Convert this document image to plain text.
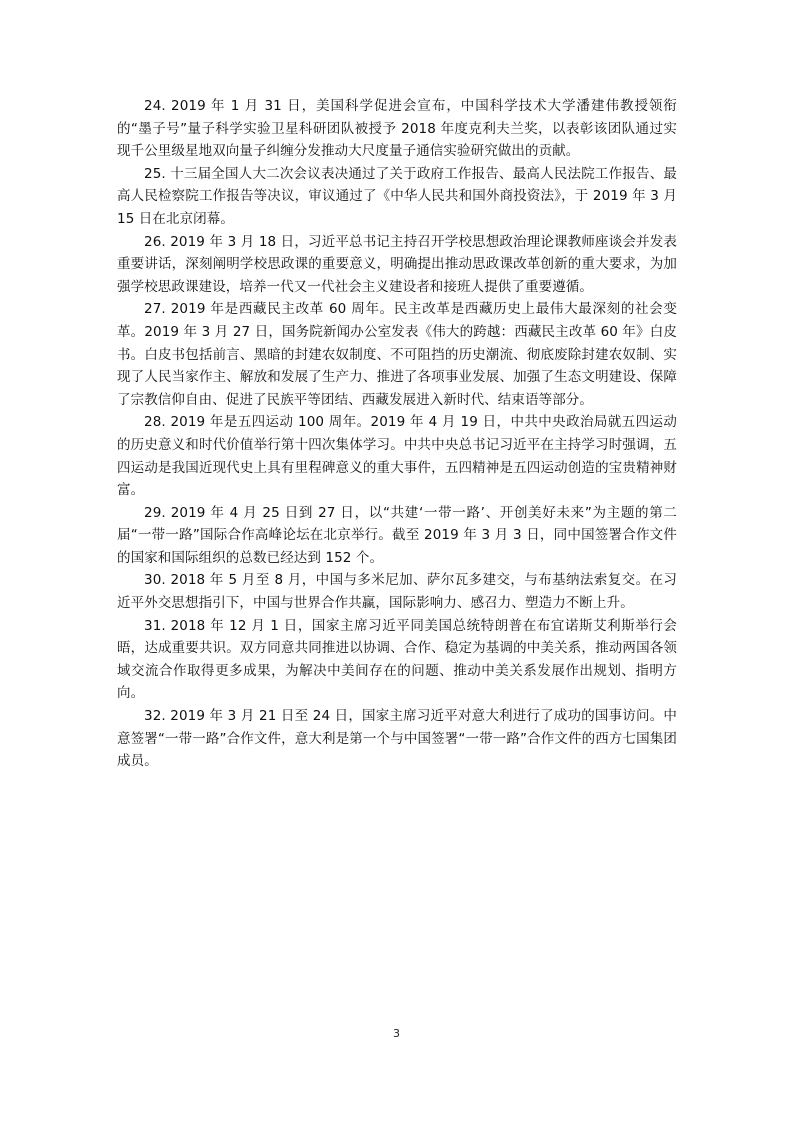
24. 2019 年 1 月 31 日，美国科学促进会宣布，中国科学技术大学潘建伟教授领衔的“墨子号”量子科学实验卫星科研团队被授予 2018 年度克利夫兰奖，以表彰该团队通过实现千公里级星地双向量子纠缠分发推动大尺度量子通信实验研究做出的贡献。

25. 十三届全国人大二次会议表决通过了关于政府工作报告、最高人民法院工作报告、最高人民检察院工作报告等决议，审议通过了《中华人民共和国外商投资法》，于 2019 年 3 月 15 日在北京闭幕。

26. 2019 年 3 月 18 日，习近平总书记主持召开学校思想政治理论课教师座谈会并发表重要讲话，深刻阐明学校思政课的重要意义，明确提出推动思政课改革创新的重大要求，为加强学校思政课建设，培养一代又一代社会主义建设者和接班人提供了重要遵循。

27. 2019 年是西藏民主改革 60 周年。民主改革是西藏历史上最伟大最深刻的社会变革。2019 年 3 月 27 日，国务院新闻办公室发表《伟大的跨越：西藏民主改革 60 年》白皮书。白皮书包括前言、黑暗的封建农奴制度、不可阻挡的历史潮流、彻底废除封建农奴制、实现了人民当家作主、解放和发展了生产力、推进了各项事业发展、加强了生态文明建设、保障了宗教信仰自由、促进了民族平等团结、西藏发展进入新时代、结束语等部分。

28. 2019 年是五四运动 100 周年。2019 年 4 月 19 日，中共中央政治局就五四运动的历史意义和时代价值举行第十四次集体学习。中共中央总书记习近平在主持学习时强调，五四运动是我国近现代史上具有里程碑意义的重大事件，五四精神是五四运动创造的宝贵精神财富。

29. 2019 年 4 月 25 日到 27 日，以“共建‘一带一路’、开创美好未来”为主题的第二届“一带一路”国际合作高峰论坛在北京举行。截至 2019 年 3 月 3 日，同中国签署合作文件的国家和国际组织的总数已经达到 152 个。

30. 2018 年 5 月至 8 月，中国与多米尼加、萨尔瓦多建交，与布基纳法索复交。在习近平外交思想指引下，中国与世界合作共赢，国际影响力、感召力、塑造力不断上升。

31. 2018 年 12 月 1 日，国家主席习近平同美国总统特朗普在布宜诺斯艾利斯举行会晤，达成重要共识。双方同意共同推进以协调、合作、稳定为基调的中美关系，推动两国各领域交流合作取得更多成果，为解决中美间存在的问题、推动中美关系发展作出规划、指明方向。

32. 2019 年 3 月 21 日至 24 日，国家主席习近平对意大利进行了成功的国事访问。中意签署“一带一路”合作文件，意大利是第一个与中国签署“一带一路”合作文件的西方七国集团成员。

3
